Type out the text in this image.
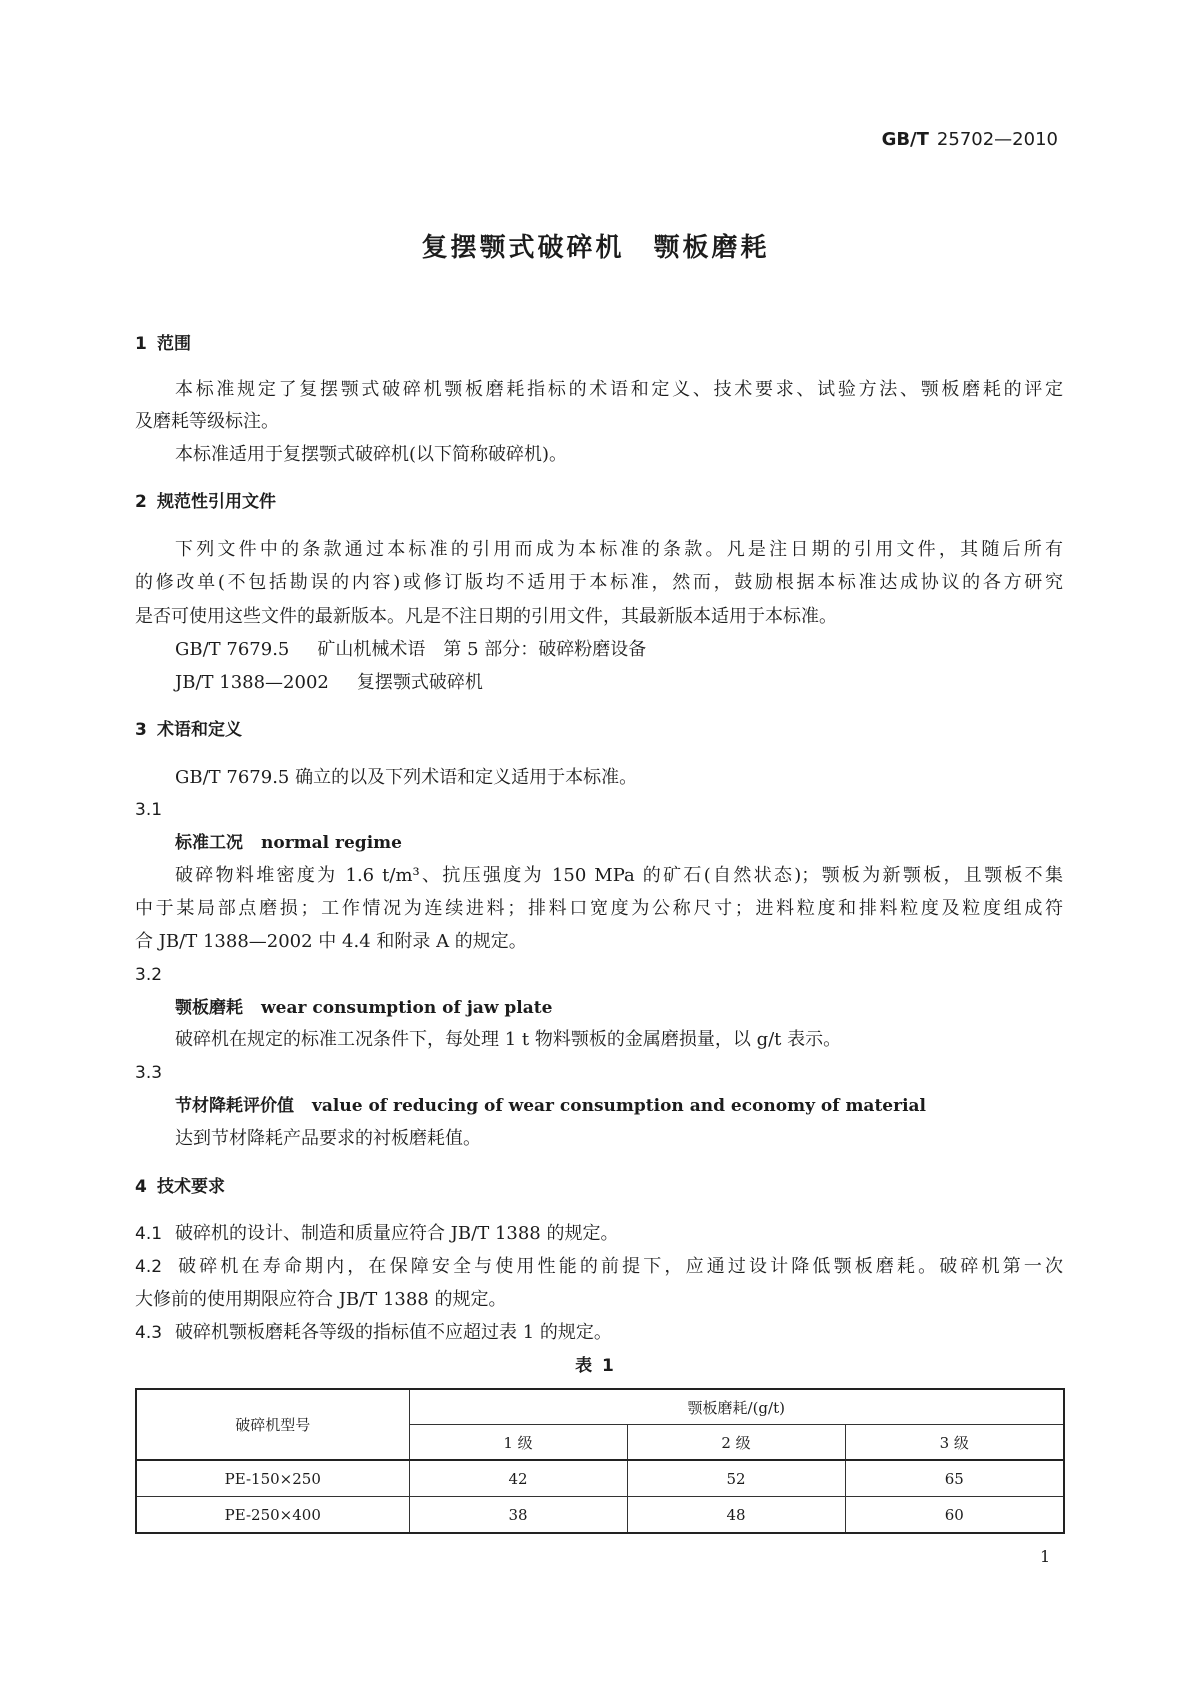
GB/T 25702—2010
复摆颚式破碎机　颚板磨耗
1 范围
本标准规定了复摆颚式破碎机颚板磨耗指标的术语和定义、技术要求、试验方法、颚板磨耗的评定
及磨耗等级标注。
本标准适用于复摆颚式破碎机(以下简称破碎机)。
2 规范性引用文件
下列文件中的条款通过本标准的引用而成为本标准的条款。凡是注日期的引用文件，其随后所有
的修改单(不包括勘误的内容)或修订版均不适用于本标准，然而，鼓励根据本标准达成协议的各方研究
是否可使用这些文件的最新版本。凡是不注日期的引用文件，其最新版本适用于本标准。
GB/T 7679.5 矿山机械术语　第 5 部分：破碎粉磨设备
JB/T 1388—2002 复摆颚式破碎机
3 术语和定义
GB/T 7679.5 确立的以及下列术语和定义适用于本标准。
3.1
标准工况 normal regime
破碎物料堆密度为 1.6 t/m³、抗压强度为 150 MPa 的矿石(自然状态)；颚板为新颚板，且颚板不集
中于某局部点磨损；工作情况为连续进料；排料口宽度为公称尺寸；进料粒度和排料粒度及粒度组成符
合 JB/T 1388—2002 中 4.4 和附录 A 的规定。
3.2
颚板磨耗 wear consumption of jaw plate
破碎机在规定的标准工况条件下，每处理 1 t 物料颚板的金属磨损量，以 g/t 表示。
3.3
节材降耗评价值 value of reducing of wear consumption and economy of material
达到节材降耗产品要求的衬板磨耗值。
4 技术要求
4.1 破碎机的设计、制造和质量应符合 JB/T 1388 的规定。
4.2 破碎机在寿命期内，在保障安全与使用性能的前提下，应通过设计降低颚板磨耗。破碎机第一次
大修前的使用期限应符合 JB/T 1388 的规定。
4.3 破碎机颚板磨耗各等级的指标值不应超过表 1 的规定。
表 1
破碎机型号	颚板磨耗/(g/t)		
	1 级	2 级	3 级
PE-150×250	42	52	65
PE-250×400	38	48	60
1
